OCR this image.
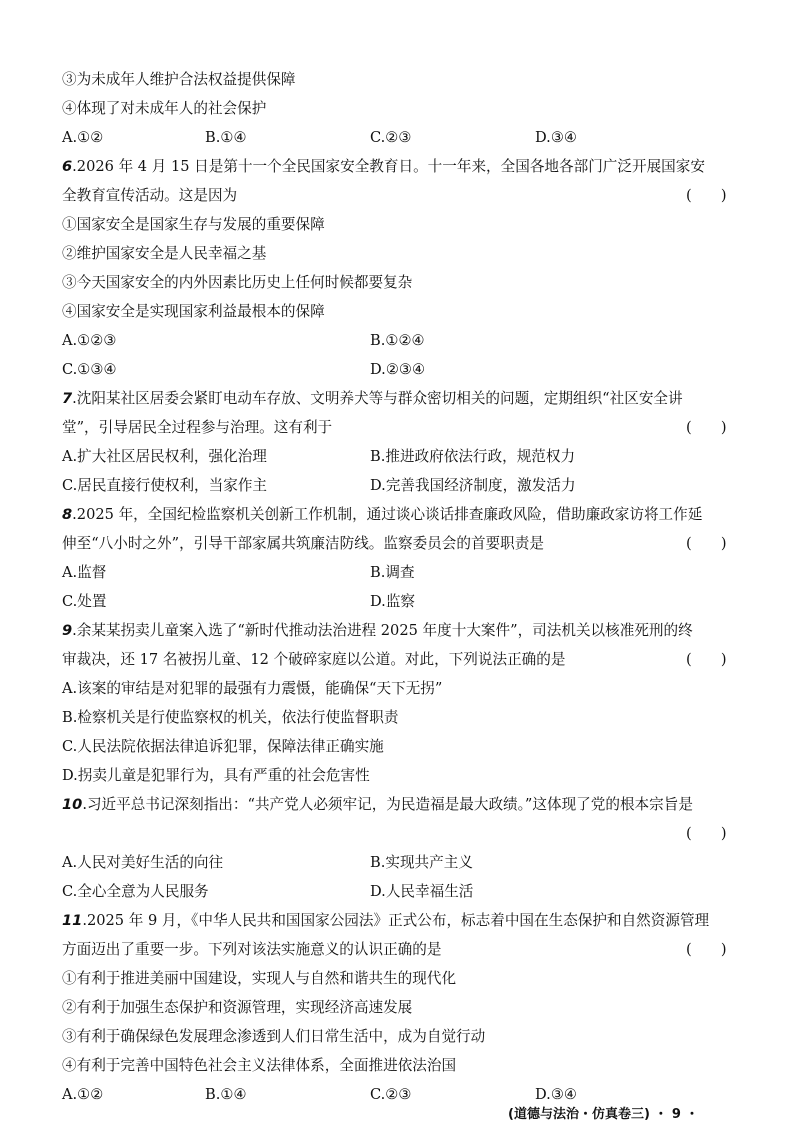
③为未成年人维护合法权益提供保障
④体现了对未成年人的社会保护
A.①②	B.①④	C.②③	D.③④
6.2026 年 4 月 15 日是第十一个全民国家安全教育日。十一年来，全国各地各部门广泛开展国家安
全教育宣传活动。这是因为	(　　)
①国家安全是国家生存与发展的重要保障
②维护国家安全是人民幸福之基
③今天国家安全的内外因素比历史上任何时候都要复杂
④国家安全是实现国家利益最根本的保障
A.①②③	B.①②④
C.①③④	D.②③④
7.沈阳某社区居委会紧盯电动车存放、文明养犬等与群众密切相关的问题，定期组织“社区安全讲
堂”，引导居民全过程参与治理。这有利于	(　　)
A.扩大社区居民权利，强化治理	B.推进政府依法行政，规范权力
C.居民直接行使权利，当家作主	D.完善我国经济制度，激发活力
8.2025 年，全国纪检监察机关创新工作机制，通过谈心谈话排查廉政风险，借助廉政家访将工作延
伸至“八小时之外”，引导干部家属共筑廉洁防线。监察委员会的首要职责是	(　　)
A.监督	B.调查
C.处置	D.监察
9.余某某拐卖儿童案入选了“新时代推动法治进程 2025 年度十大案件”，司法机关以核准死刑的终
审裁决，还 17 名被拐儿童、12 个破碎家庭以公道。对此，下列说法正确的是	(　　)
A.该案的审结是对犯罪的最强有力震慑，能确保“天下无拐”
B.检察机关是行使监察权的机关，依法行使监督职责
C.人民法院依据法律追诉犯罪，保障法律正确实施
D.拐卖儿童是犯罪行为，具有严重的社会危害性
10.习近平总书记深刻指出：“共产党人必须牢记，为民造福是最大政绩。”这体现了党的根本宗旨是
(　　)
A.人民对美好生活的向往	B.实现共产主义
C.全心全意为人民服务	D.人民幸福生活
11.2025 年 9 月，《中华人民共和国国家公园法》正式公布，标志着中国在生态保护和自然资源管理
方面迈出了重要一步。下列对该法实施意义的认识正确的是	(　　)
①有利于推进美丽中国建设，实现人与自然和谐共生的现代化
②有利于加强生态保护和资源管理，实现经济高速发展
③有利于确保绿色发展理念渗透到人们日常生活中，成为自觉行动
④有利于完善中国特色社会主义法律体系，全面推进依法治国
A.①②	B.①④	C.②③	D.③④
(道德与法治・仿真卷三) ・ 9 ・
